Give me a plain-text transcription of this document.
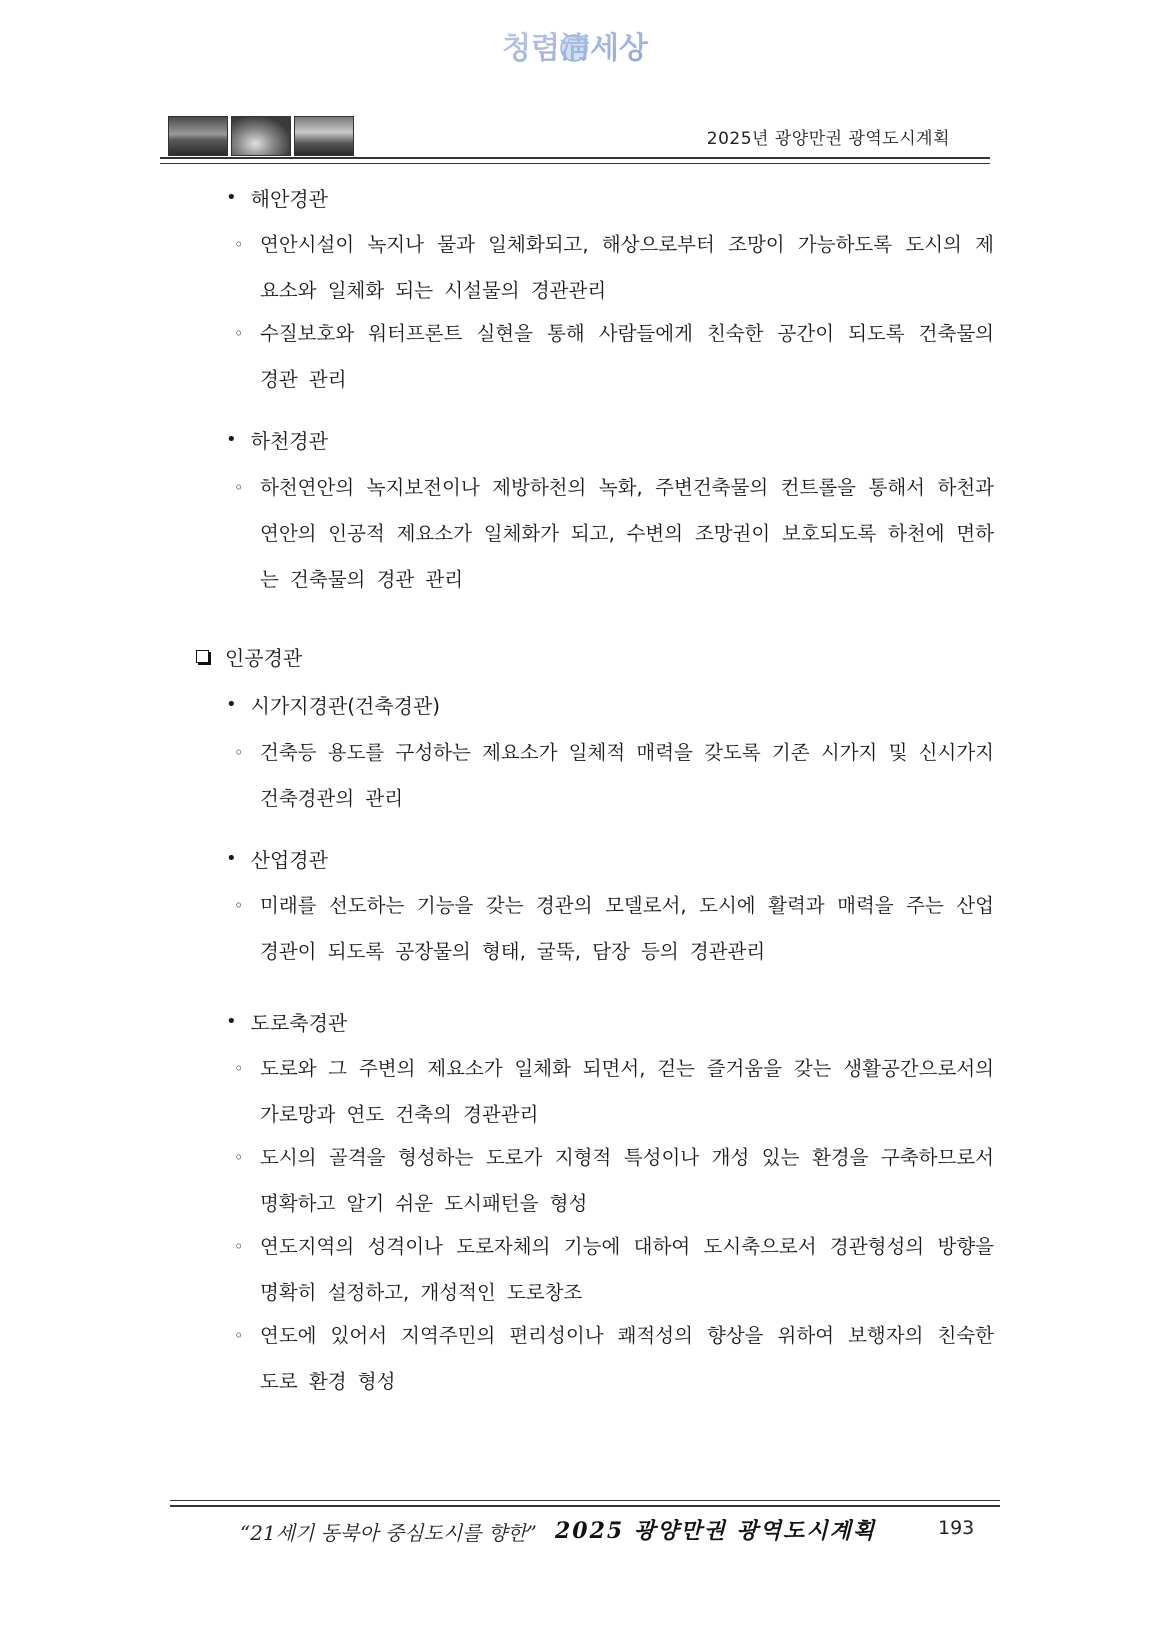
청렴淸세상
2025년 광양만권 광역도시계획
• 해안경관
◦ 연안시설이 녹지나 물과 일체화되고, 해상으로부터 조망이 가능하도록 도시의 제요소와 일체화 되는 시설물의 경관관리
◦ 수질보호와 워터프론트 실현을 통해 사람들에게 친숙한 공간이 되도록 건축물의 경관 관리
• 하천경관
◦ 하천연안의 녹지보전이나 제방하천의 녹화, 주변건축물의 컨트롤을 통해서 하천과 연안의 인공적 제요소가 일체화가 되고, 수변의 조망권이 보호되도록 하천에 면하는 건축물의 경관 관리
인공경관
• 시가지경관(건축경관)
◦ 건축등 용도를 구성하는 제요소가 일체적 매력을 갖도록 기존 시가지 및 신시가지 건축경관의 관리
• 산업경관
◦ 미래를 선도하는 기능을 갖는 경관의 모델로서, 도시에 활력과 매력을 주는 산업경관이 되도록 공장물의 형태, 굴뚝, 담장 등의 경관관리
• 도로축경관
◦ 도로와 그 주변의 제요소가 일체화 되면서, 걷는 즐거움을 갖는 생활공간으로서의 가로망과 연도 건축의 경관관리
◦ 도시의 골격을 형성하는 도로가 지형적 특성이나 개성 있는 환경을 구축하므로서 명확하고 알기 쉬운 도시패턴을 형성
◦ 연도지역의 성격이나 도로자체의 기능에 대하여 도시축으로서 경관형성의 방향을 명확히 설정하고, 개성적인 도로창조
◦ 연도에 있어서 지역주민의 편리성이나 쾌적성의 향상을 위하여 보행자의 친숙한 도로 환경 형성
“21세기 동북아 중심도시를 향한” 2025 광양만권 광역도시계획	193
